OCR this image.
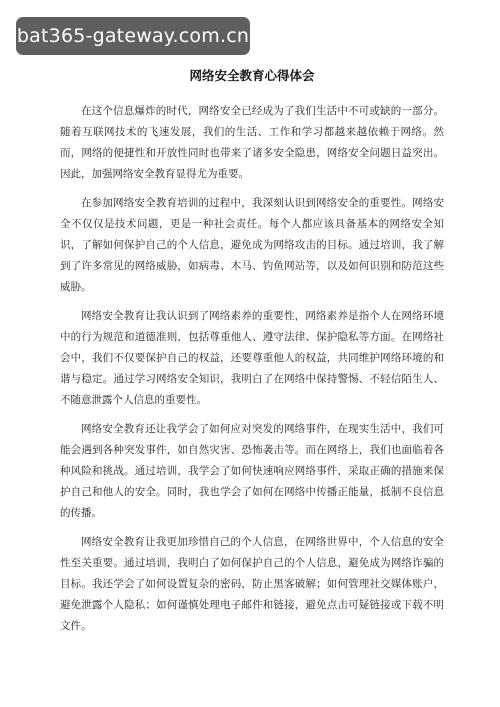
bat365-gateway.com.cn
网络安全教育心得体会

在这个信息爆炸的时代，网络安全已经成为了我们生活中不可或缺的一部分。随着互联网技术的飞速发展，我们的生活、工作和学习都越来越依赖于网络。然而，网络的便捷性和开放性同时也带来了诸多安全隐患，网络安全问题日益突出。因此，加强网络安全教育显得尤为重要。

在参加网络安全教育培训的过程中，我深刻认识到网络安全的重要性。网络安全不仅仅是技术问题，更是一种社会责任。每个人都应该具备基本的网络安全知识，了解如何保护自己的个人信息，避免成为网络攻击的目标。通过培训，我了解到了许多常见的网络威胁，如病毒、木马、钓鱼网站等，以及如何识别和防范这些威胁。

网络安全教育让我认识到了网络素养的重要性，网络素养是指个人在网络环境中的行为规范和道德准则，包括尊重他人、遵守法律、保护隐私等方面。在网络社会中，我们不仅要保护自己的权益，还要尊重他人的权益，共同维护网络环境的和谐与稳定。通过学习网络安全知识，我明白了在网络中保持警惕、不轻信陌生人、不随意泄露个人信息的重要性。

网络安全教育还让我学会了如何应对突发的网络事件，在现实生活中，我们可能会遇到各种突发事件，如自然灾害、恐怖袭击等。而在网络上，我们也面临着各种风险和挑战。通过培训，我学会了如何快速响应网络事件，采取正确的措施来保护自己和他人的安全。同时，我也学会了如何在网络中传播正能量，抵制不良信息的传播。

网络安全教育让我更加珍惜自己的个人信息，在网络世界中，个人信息的安全性至关重要。通过培训，我明白了如何保护自己的个人信息，避免成为网络诈骗的目标。我还学会了如何设置复杂的密码，防止黑客破解；如何管理社交媒体账户，避免泄露个人隐私；如何谨慎处理电子邮件和链接，避免点击可疑链接或下载不明文件。
